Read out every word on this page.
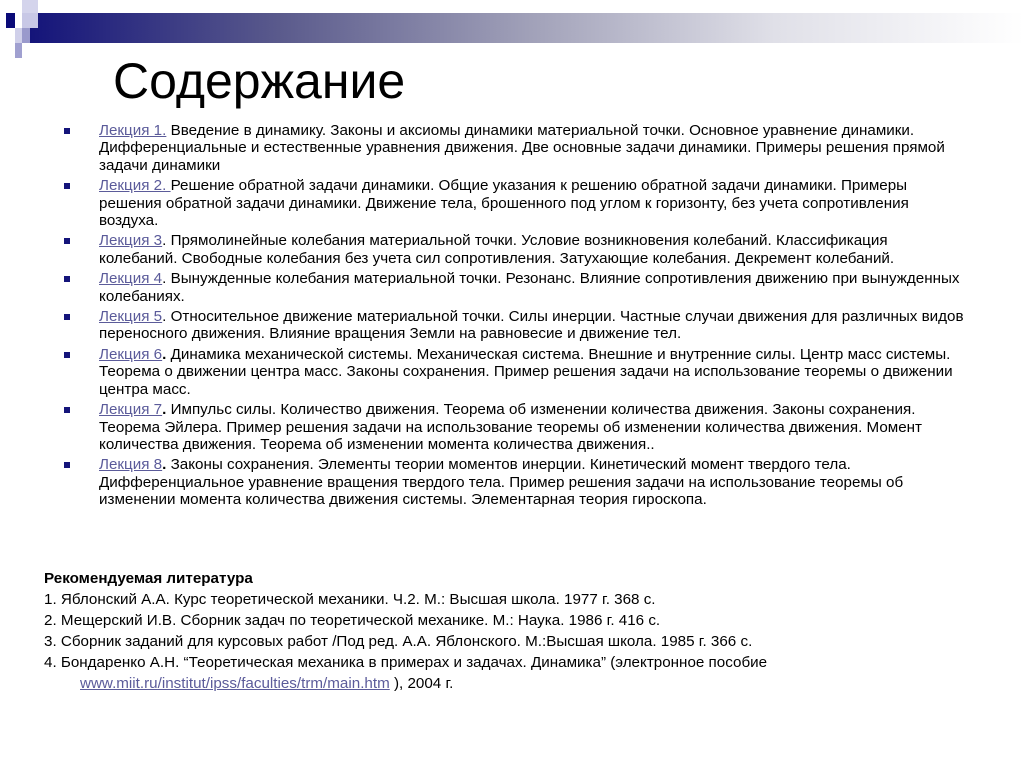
Содержание
Лекция 1. Введение в динамику. Законы и аксиомы динамики материальной точки. Основное уравнение динамики. Дифференциальные и естественные уравнения движения. Две основные задачи динамики. Примеры решения прямой задачи динамики
Лекция 2. Решение обратной задачи динамики. Общие указания к решению обратной задачи динамики. Примеры решения обратной задачи динамики. Движение тела, брошенного под углом к горизонту, без учета сопротивления воздуха.
Лекция 3. Прямолинейные колебания материальной точки. Условие возникновения колебаний. Классификация колебаний. Свободные колебания без учета сил сопротивления. Затухающие колебания. Декремент колебаний.
Лекция 4. Вынужденные колебания материальной точки. Резонанс. Влияние сопротивления движению при вынужденных колебаниях.
Лекция 5. Относительное движение материальной точки. Силы инерции. Частные случаи движения для различных видов переносного движения. Влияние вращения Земли на равновесие и движение тел.
Лекция 6. Динамика механической системы. Механическая система. Внешние и внутренние силы. Центр масс системы. Теорема о движении центра масс. Законы сохранения. Пример решения задачи на использование теоремы о движении центра масс.
Лекция 7. Импульс силы. Количество движения. Теорема об изменении количества движения. Законы сохранения. Теорема Эйлера. Пример решения задачи на использование теоремы об изменении количества движения. Момент количества движения. Теорема об изменении момента количества движения..
Лекция 8. Законы сохранения. Элементы теории моментов инерции. Кинетический момент твердого тела. Дифференциальное уравнение вращения твердого тела. Пример решения задачи на использование теоремы об изменении момента количества движения системы. Элементарная теория гироскопа.
Рекомендуемая литература
1. Яблонский А.А. Курс теоретической механики. Ч.2. М.: Высшая школа. 1977 г. 368 с.
2. Мещерский И.В. Сборник задач по теоретической механике. М.: Наука. 1986 г. 416 с.
3. Сборник заданий для курсовых работ /Под ред. А.А. Яблонского. М.:Высшая школа. 1985 г. 366 с.
4. Бондаренко А.Н. “Теоретическая механика в примерах и задачах. Динамика” (электронное пособие
www.miit.ru/institut/ipss/faculties/trm/main.htm ), 2004 г.
